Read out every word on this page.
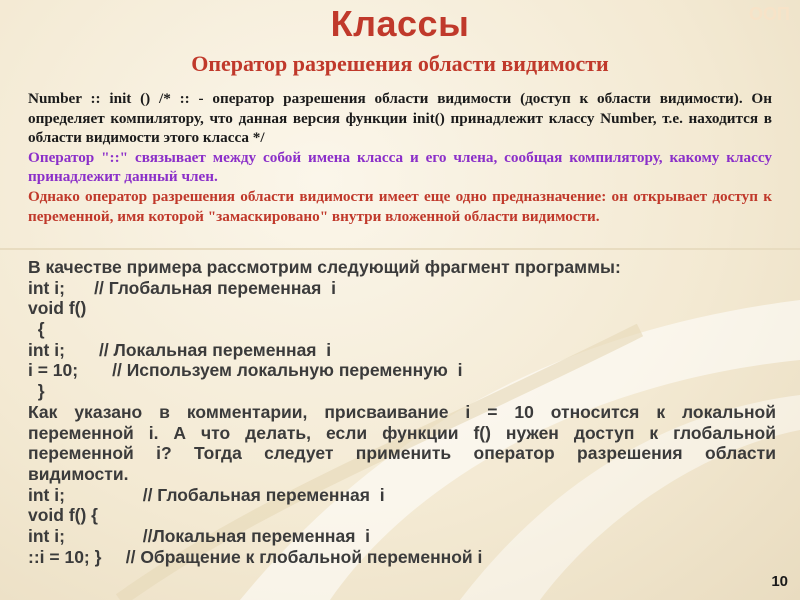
Классы	ООП
Оператор разрешения области видимости
Number :: init () /* :: - оператор разрешения области видимости (доступ к области видимости). Он определяет компилятору, что данная версия функции init() принадлежит классу Number, т.е. находится в области видимости этого класса */
Оператор "::" связывает между собой имена класса и его члена, сообщая компилятору, какому классу принадлежит данный член.
Однако оператор разрешения области видимости имеет еще одно предназначение: он открывает доступ к переменной, имя которой "замаскировано" внутри вложенной области видимости.
В качестве примера рассмотрим следующий фрагмент программы:
int i;      // Глобальная переменная  i
void f()
{
int i;       // Локальная переменная  i
i = 10;       // Используем локальную переменную  i
}
Как указано в комментарии, присваивание i = 10 относится к локальной
переменной i. А что делать, если функции f() нужен доступ к глобальной
переменной i? Тогда следует применить оператор разрешения области
видимости.
int i;                // Глобальная переменная  i
void f() {
int i;                //Локальная переменная  i
::i = 10; }     // Обращение к глобальной переменной i
10
